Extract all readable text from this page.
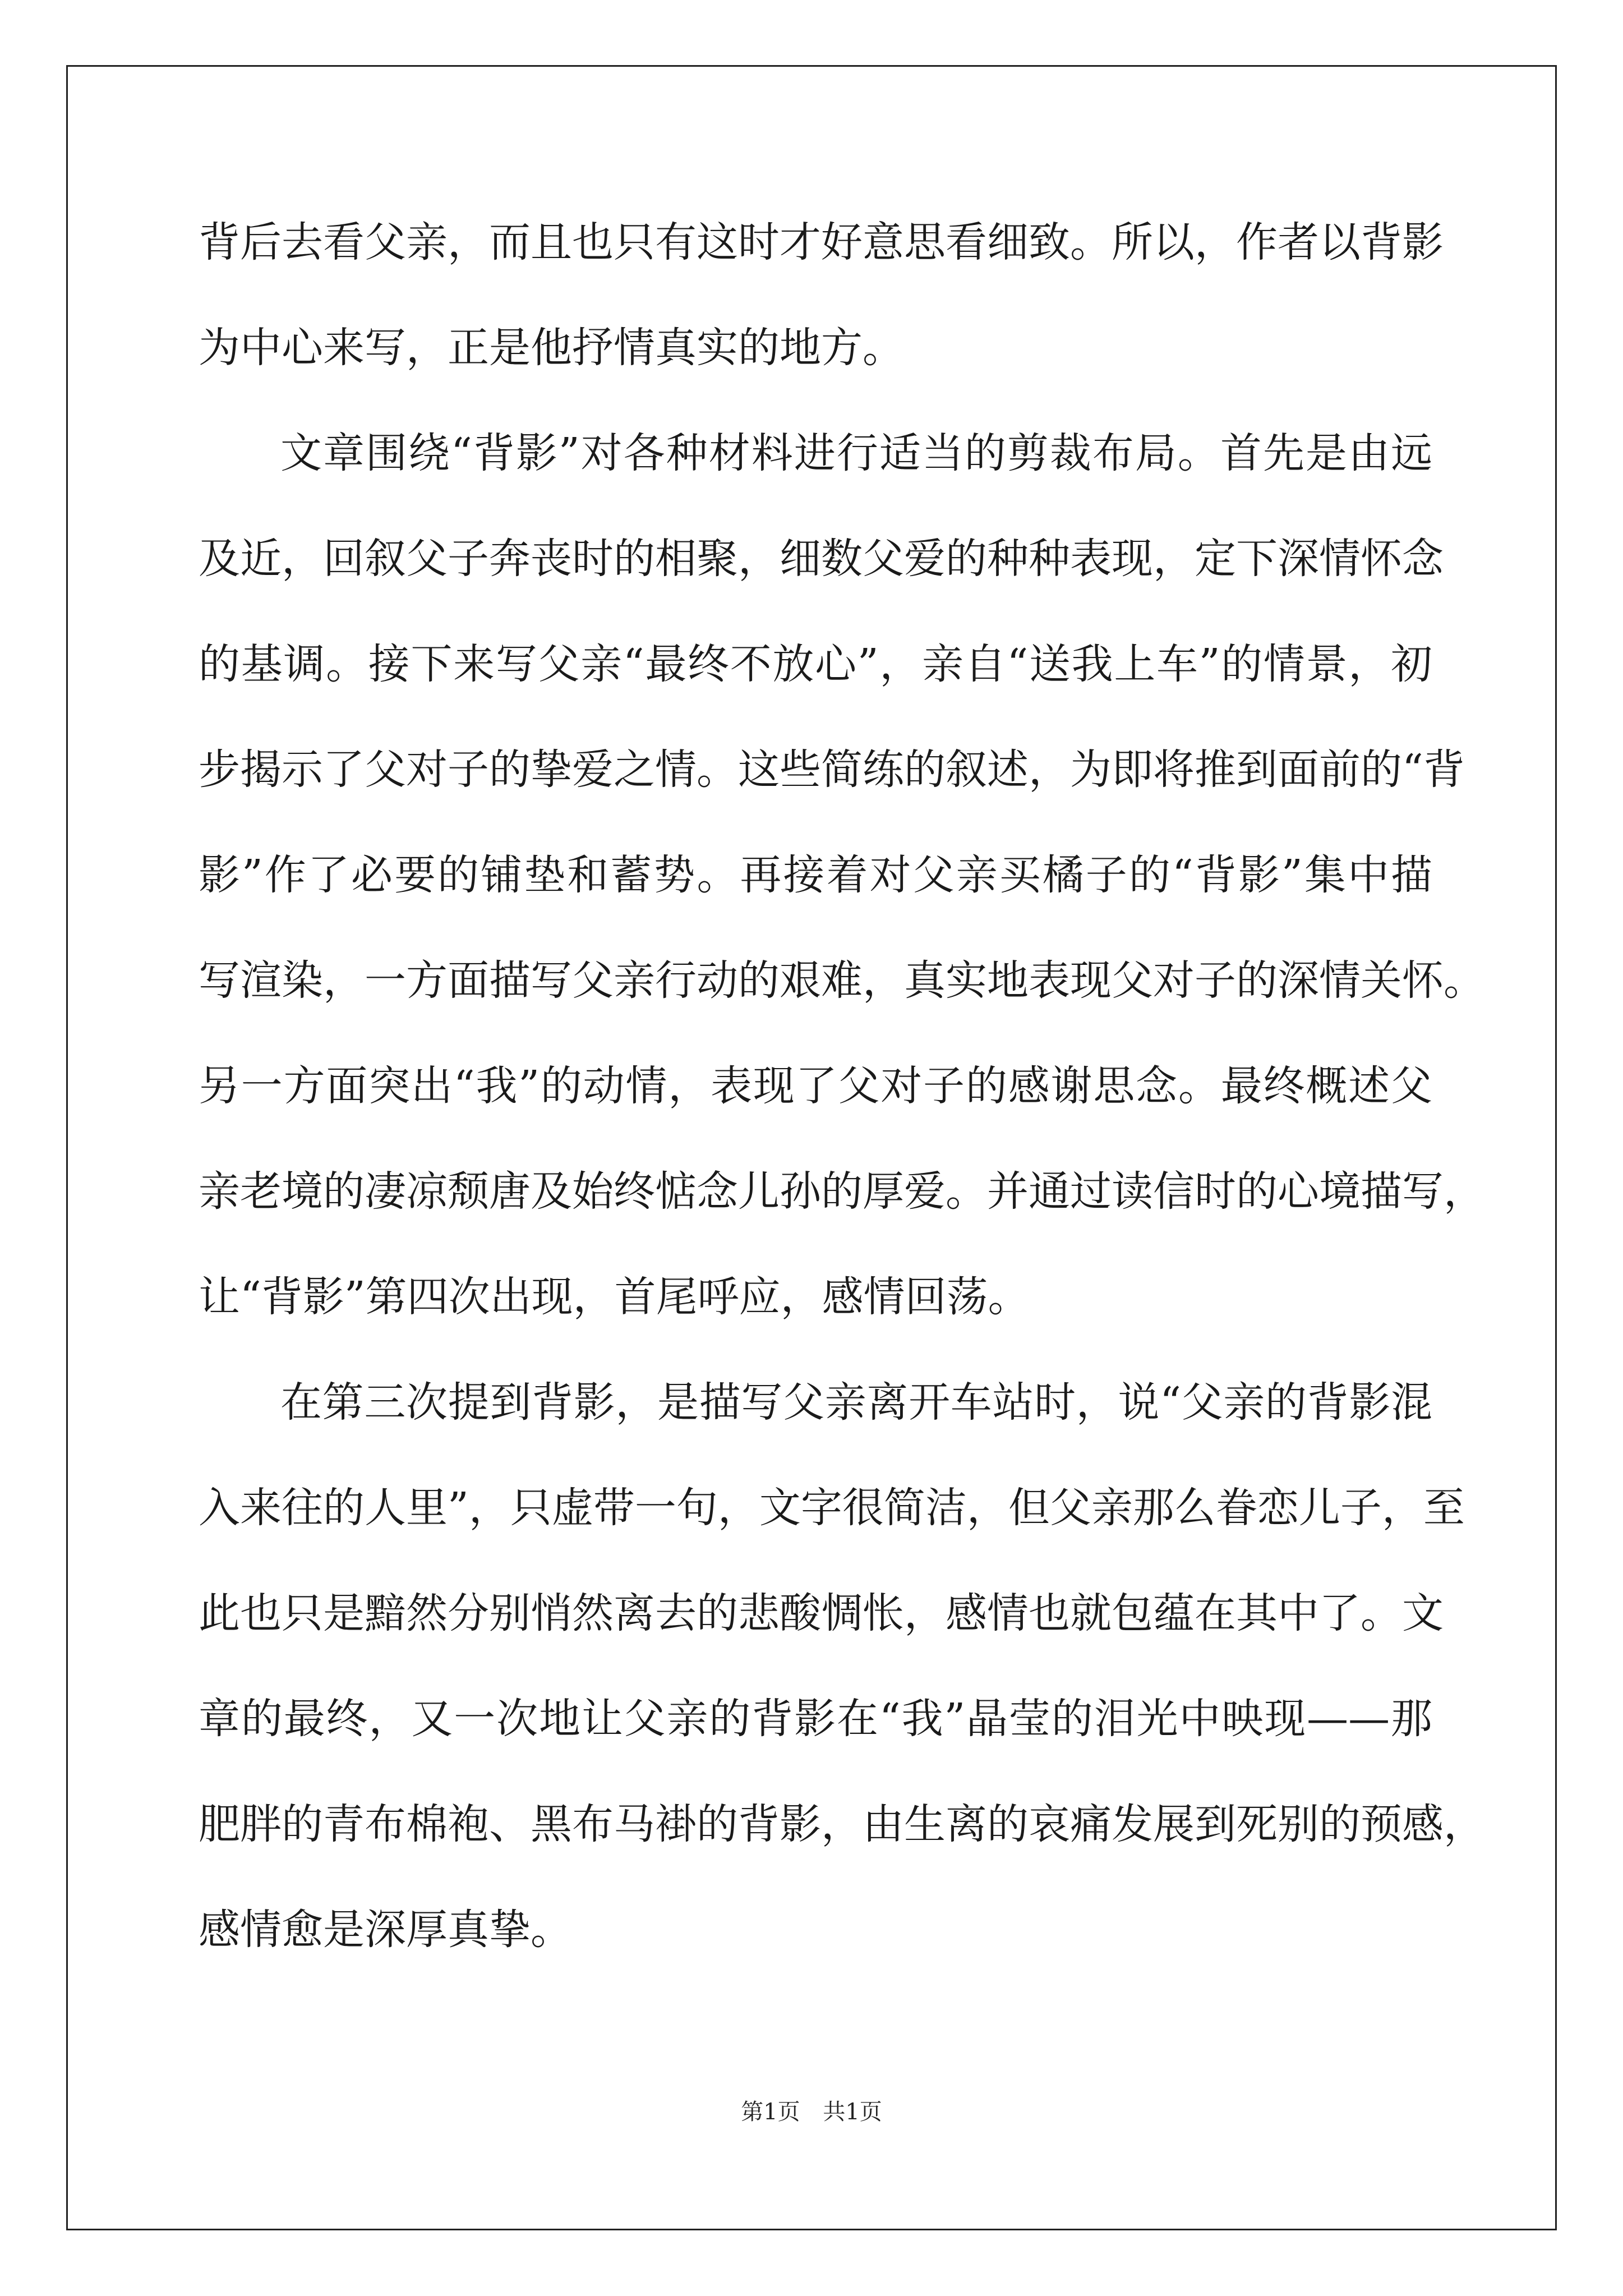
背后去看父亲，而且也只有这时才好意思看细致。所以，作者以背影
为中心来写，正是他抒情真实的地方。
文章围绕“背影”对各种材料进行适当的剪裁布局。首先是由远
及近，回叙父子奔丧时的相聚，细数父爱的种种表现，定下深情怀念
的基调。接下来写父亲“最终不放心”，亲自“送我上车”的情景，初
步揭示了父对子的挚爱之情。这些简练的叙述，为即将推到面前的“背
影”作了必要的铺垫和蓄势。再接着对父亲买橘子的“背影”集中描
写渲染，一方面描写父亲行动的艰难，真实地表现父对子的深情关怀。
另一方面突出“我”的动情，表现了父对子的感谢思念。最终概述父
亲老境的凄凉颓唐及始终惦念儿孙的厚爱。并通过读信时的心境描写，
让“背影”第四次出现，首尾呼应，感情回荡。
在第三次提到背影，是描写父亲离开车站时，说“父亲的背影混
入来往的人里”，只虚带一句，文字很简洁，但父亲那么眷恋儿子，至
此也只是黯然分别悄然离去的悲酸惆怅，感情也就包蕴在其中了。文
章的最终，又一次地让父亲的背影在“我”晶莹的泪光中映现——那
肥胖的青布棉袍、黑布马褂的背影，由生离的哀痛发展到死别的预感，
感情愈是深厚真挚。
第1页 共1页
